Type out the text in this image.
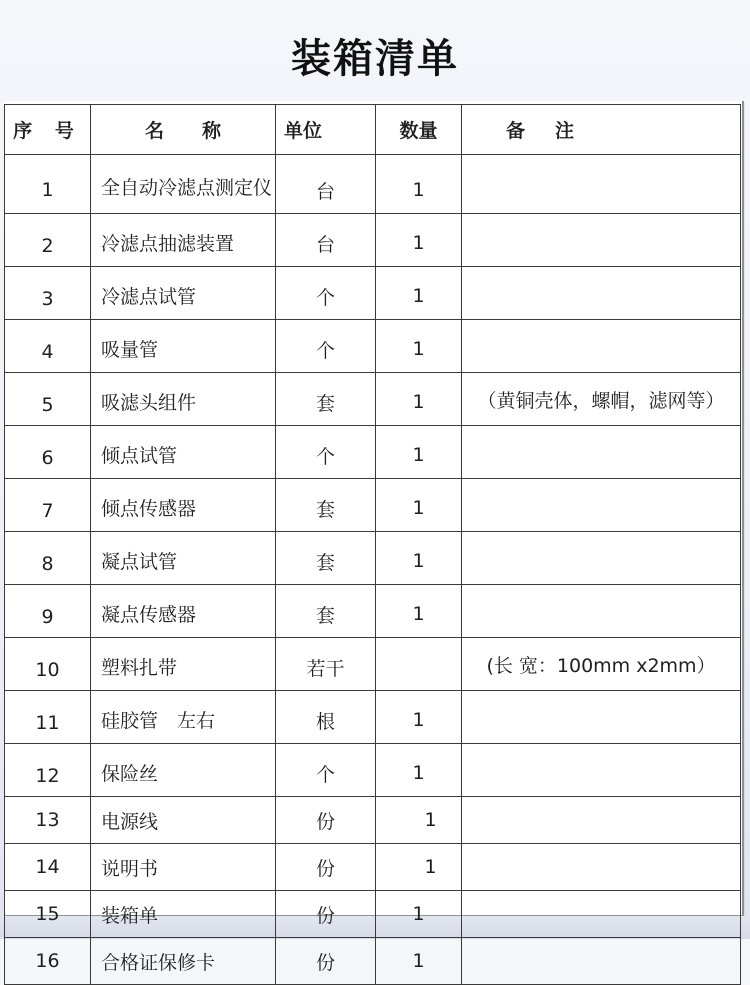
装箱清单
序 号	名 称	单位	数量	备 注
1	全自动冷滤点测定仪	台	1	
2	冷滤点抽滤装置	台	1	
3	冷滤点试管	个	1	
4	吸量管	个	1	
5	吸滤头组件	套	1	（黄铜壳体，螺帽，滤网等）
6	倾点试管	个	1	
7	倾点传感器	套	1	
8	凝点试管	套	1	
9	凝点传感器	套	1	
10	塑料扎带	若干		(长 宽：100mm x2mm）
11	硅胶管　左右	根	1	
12	保险丝	个	1	
13	电源线	份	1	
14	说明书	份	1	
15	装箱单	份	1	
16	合格证保修卡	份	1	
